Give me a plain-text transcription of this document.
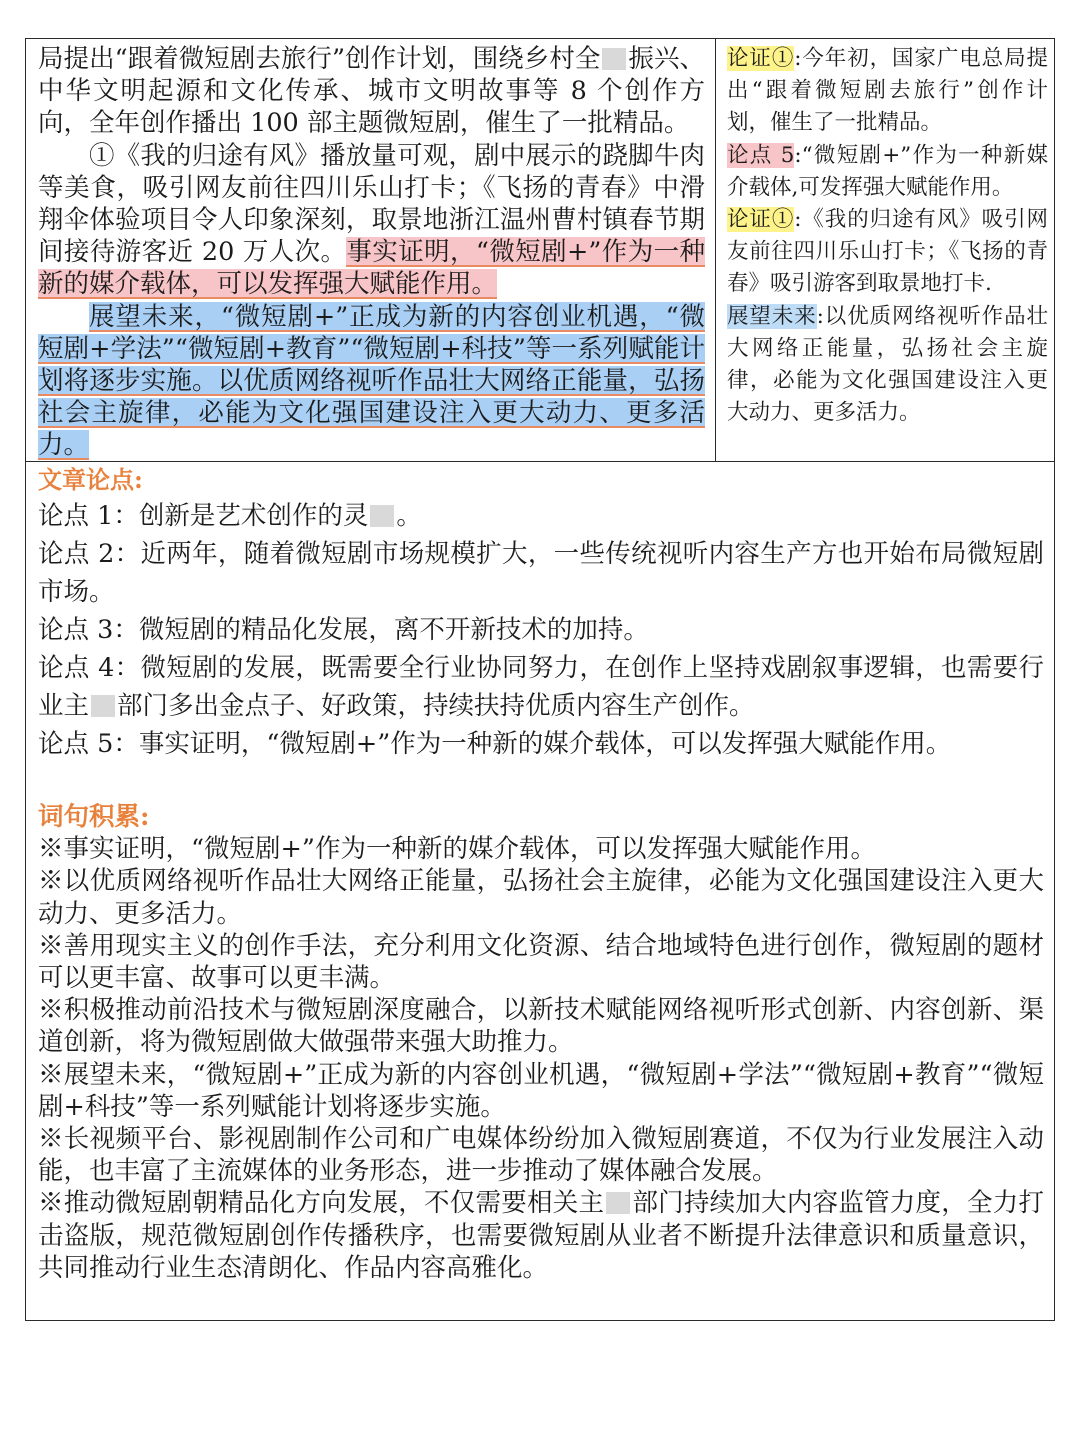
局提出“跟着微短剧去旅行”创作计划，围绕乡村全 振兴、中华文明起源和文化传承、城市文明故事等 8 个创作方向，全年创作播出 100 部主题微短剧，催生了一批精品。

①《我的归途有风》播放量可观，剧中展示的跷脚牛肉等美食，吸引网友前往四川乐山打卡；《飞扬的青春》中滑翔伞体验项目令人印象深刻，取景地浙江温州曹村镇春节期间接待游客近 20 万人次。事实证明，“微短剧+”作为一种新的媒介载体，可以发挥强大赋能作用。

展望未来，“微短剧+”正成为新的内容创业机遇，“微短剧+学法”“微短剧+教育”“微短剧+科技”等一系列赋能计划将逐步实施。以优质网络视听作品壮大网络正能量，弘扬社会主旋律，必能为文化强国建设注入更大动力、更多活力。

论证①:今年初，国家广电总局提出“跟着微短剧去旅行”创作计划，催生了一批精品。

论点 5:“微短剧+”作为一种新媒介载体,可发挥强大赋能作用。

论证①:《我的归途有风》吸引网友前往四川乐山打卡；《飞扬的青春》吸引游客到取景地打卡.

展望未来:以优质网络视听作品壮大网络正能量，弘扬社会主旋律，必能为文化强国建设注入更大动力、更多活力。

文章论点:

论点 1：创新是艺术创作的灵 。

论点 2：近两年，随着微短剧市场规模扩大，一些传统视听内容生产方也开始布局微短剧市场。

论点 3：微短剧的精品化发展，离不开新技术的加持。

论点 4：微短剧的发展，既需要全行业协同努力，在创作上坚持戏剧叙事逻辑，也需要行业主 部门多出金点子、好政策，持续扶持优质内容生产创作。

论点 5：事实证明，“微短剧+”作为一种新的媒介载体，可以发挥强大赋能作用。

词句积累:

※事实证明，“微短剧+”作为一种新的媒介载体，可以发挥强大赋能作用。

※以优质网络视听作品壮大网络正能量，弘扬社会主旋律，必能为文化强国建设注入更大动力、更多活力。

※善用现实主义的创作手法，充分利用文化资源、结合地域特色进行创作，微短剧的题材可以更丰富、故事可以更丰满。

※积极推动前沿技术与微短剧深度融合，以新技术赋能网络视听形式创新、内容创新、渠道创新，将为微短剧做大做强带来强大助推力。

※展望未来，“微短剧+”正成为新的内容创业机遇，“微短剧+学法”“微短剧+教育”“微短剧+科技”等一系列赋能计划将逐步实施。

※长视频平台、影视剧制作公司和广电媒体纷纷加入微短剧赛道，不仅为行业发展注入动能，也丰富了主流媒体的业务形态，进一步推动了媒体融合发展。

※推动微短剧朝精品化方向发展，不仅需要相关主 部门持续加大内容监管力度，全力打击盗版，规范微短剧创作传播秩序，也需要微短剧从业者不断提升法律意识和质量意识，共同推动行业生态清朗化、作品内容高雅化。
